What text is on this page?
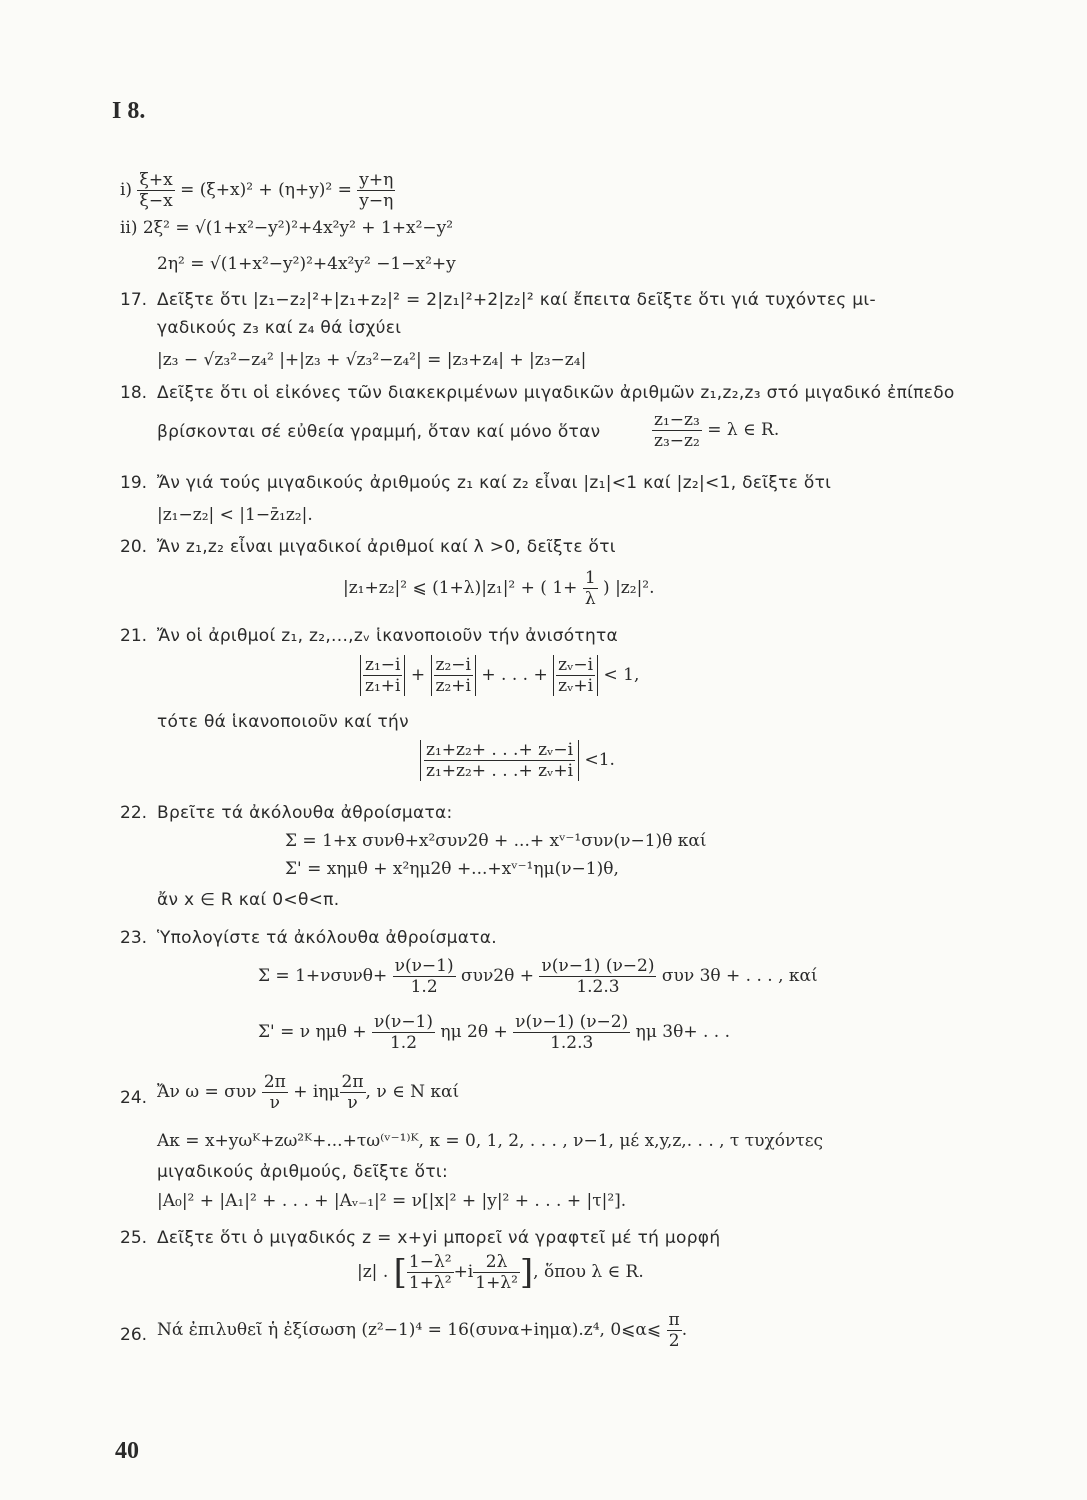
I 8.
$i) \frac{\xi+x}{\xi-x} = (\xi+x)^2 + (\eta+y)^2 = \frac{y+\eta}{y-\eta}$
ii) 2ξ² = √(1+x²−y²)²+4x²y² + 1+x²−y²
2η² = √(1+x²−y²)²+4x²y² −1−x²+y
17. Δεῖξτε ὅτι |z₁−z₂|²+|z₁+z₂|² = 2|z₁|²+2|z₂|² καί ἔπειτα δεῖξτε ὅτι γιά τυχόντες μι-
γαδικούς z₃ καί z₄ θά ἰσχύει
|z₃ − √z₃²−z₄² |+|z₃ + √z₃²−z₄²| = |z₃+z₄| + |z₃−z₄|
18. Δεῖξτε ὅτι οἱ εἰκόνες τῶν διακεκριμένων μιγαδικῶν ἀριθμῶν z₁,z₂,z₃ στό μιγαδικό ἐπίπεδο
βρίσκονται σέ εὐθεία γραμμή, ὅταν καί μόνο ὅταν	$\frac{\text{z₁−z₃}}{\text{z₃−z₂}} = \lambda$ ∈ R.
19. Ἄν γιά τούς μιγαδικούς ἀριθμούς z₁ καί z₂ εἶναι |z₁|<1 καί |z₂|<1, δεῖξτε ὅτι
|z₁−z₂| < |1−z̄₁z₂|.
20. Ἄν z₁,z₂ εἶναι μιγαδικοί ἀριθμοί καί λ >0, δεῖξτε ὅτι
|z₁+z₂|² ⩽ (1+λ)|z₁|² + ( $1+ \frac{1}{\lambda}$ ) |z₂|².
21. Ἄν οἱ ἀριθμοί z₁, z₂,...,zᵥ ἱκανοποιοῦν τήν ἀνισότητα
$\frac{\text{z₁−i}}{\text{z₁+i}} + \frac{\text{z₂−i}}{\text{z₂+i}}$ + . . . + $\frac{\text{zᵥ−i}}{\text{zᵥ+i}} < 1$,
τότε θά ἱκανοποιοῦν καί τήν
$\frac{\text{z₁+z₂+ . . .+ zᵥ−i}}{\text{z₁+z₂+ . . .+ zᵥ+i}} <1$.
22. Βρεῖτε τά ἀκόλουθα ἀθροίσματα:
Σ = 1+x συνθ+x²συν2θ + ...+ xᵛ⁻¹συν(ν−1)θ καί
Σ' = xημθ + x²ημ2θ +...+xᵛ⁻¹ημ(ν−1)θ,
ἄν x ∈ R καί 0<θ<π.
23. Ὑπολογίστε τά ἀκόλουθα ἀθροίσματα.
$\Sigma = 1+\nu\sigma\upsilon\nu\theta+ \frac{\nu(\nu-1)}{1.2} \sigma\upsilon\nu 2\theta + \frac{\nu(\nu-1) (\nu-2)}{1.2.3}$ συν 3θ + . . . , καί
Σ' = ν $\eta\mu\theta + \frac{\nu(\nu-1)}{1.2}$ ημ $2\theta + \frac{\nu(\nu-1) (\nu-2)}{1.2.3}$ ημ 3θ+ . . .
24. Ἄν ω = συν $\frac{2\pi}{\nu} + i\eta\mu \frac{2\pi}{\nu}$ , ν ∈ N καί
Aκ = x+yωᴷ+zω²ᴷ+...+τω⁽ᵛ⁻¹⁾ᴷ, κ = 0, 1, 2, . . . , ν−1, μέ x,y,z,. . . , τ τυχόντες
μιγαδικούς ἀριθμούς, δεῖξτε ὅτι:
|A₀|² + |A₁|² + . . . + |Aᵥ₋₁|² = ν[|x|² + |y|² + . . . + |τ|²].
25. Δεῖξτε ὅτι ὁ μιγαδικός z = x+yi μπορεῖ νά γραφτεῖ μέ τή μορφή
|z| . [ $\frac{\text{1−λ²}}{\text{1+λ²}} +i \frac{2\lambda}{\text{1+λ²}}$ ], ὅπου λ ∈ R.
26. Νά ἐπιλυθεῖ ἡ ἐξίσωση (z²−1)⁴ = 16(συνα+iημα).z⁴, 0⩽α⩽ $\frac{\pi}{2}$ .
40
